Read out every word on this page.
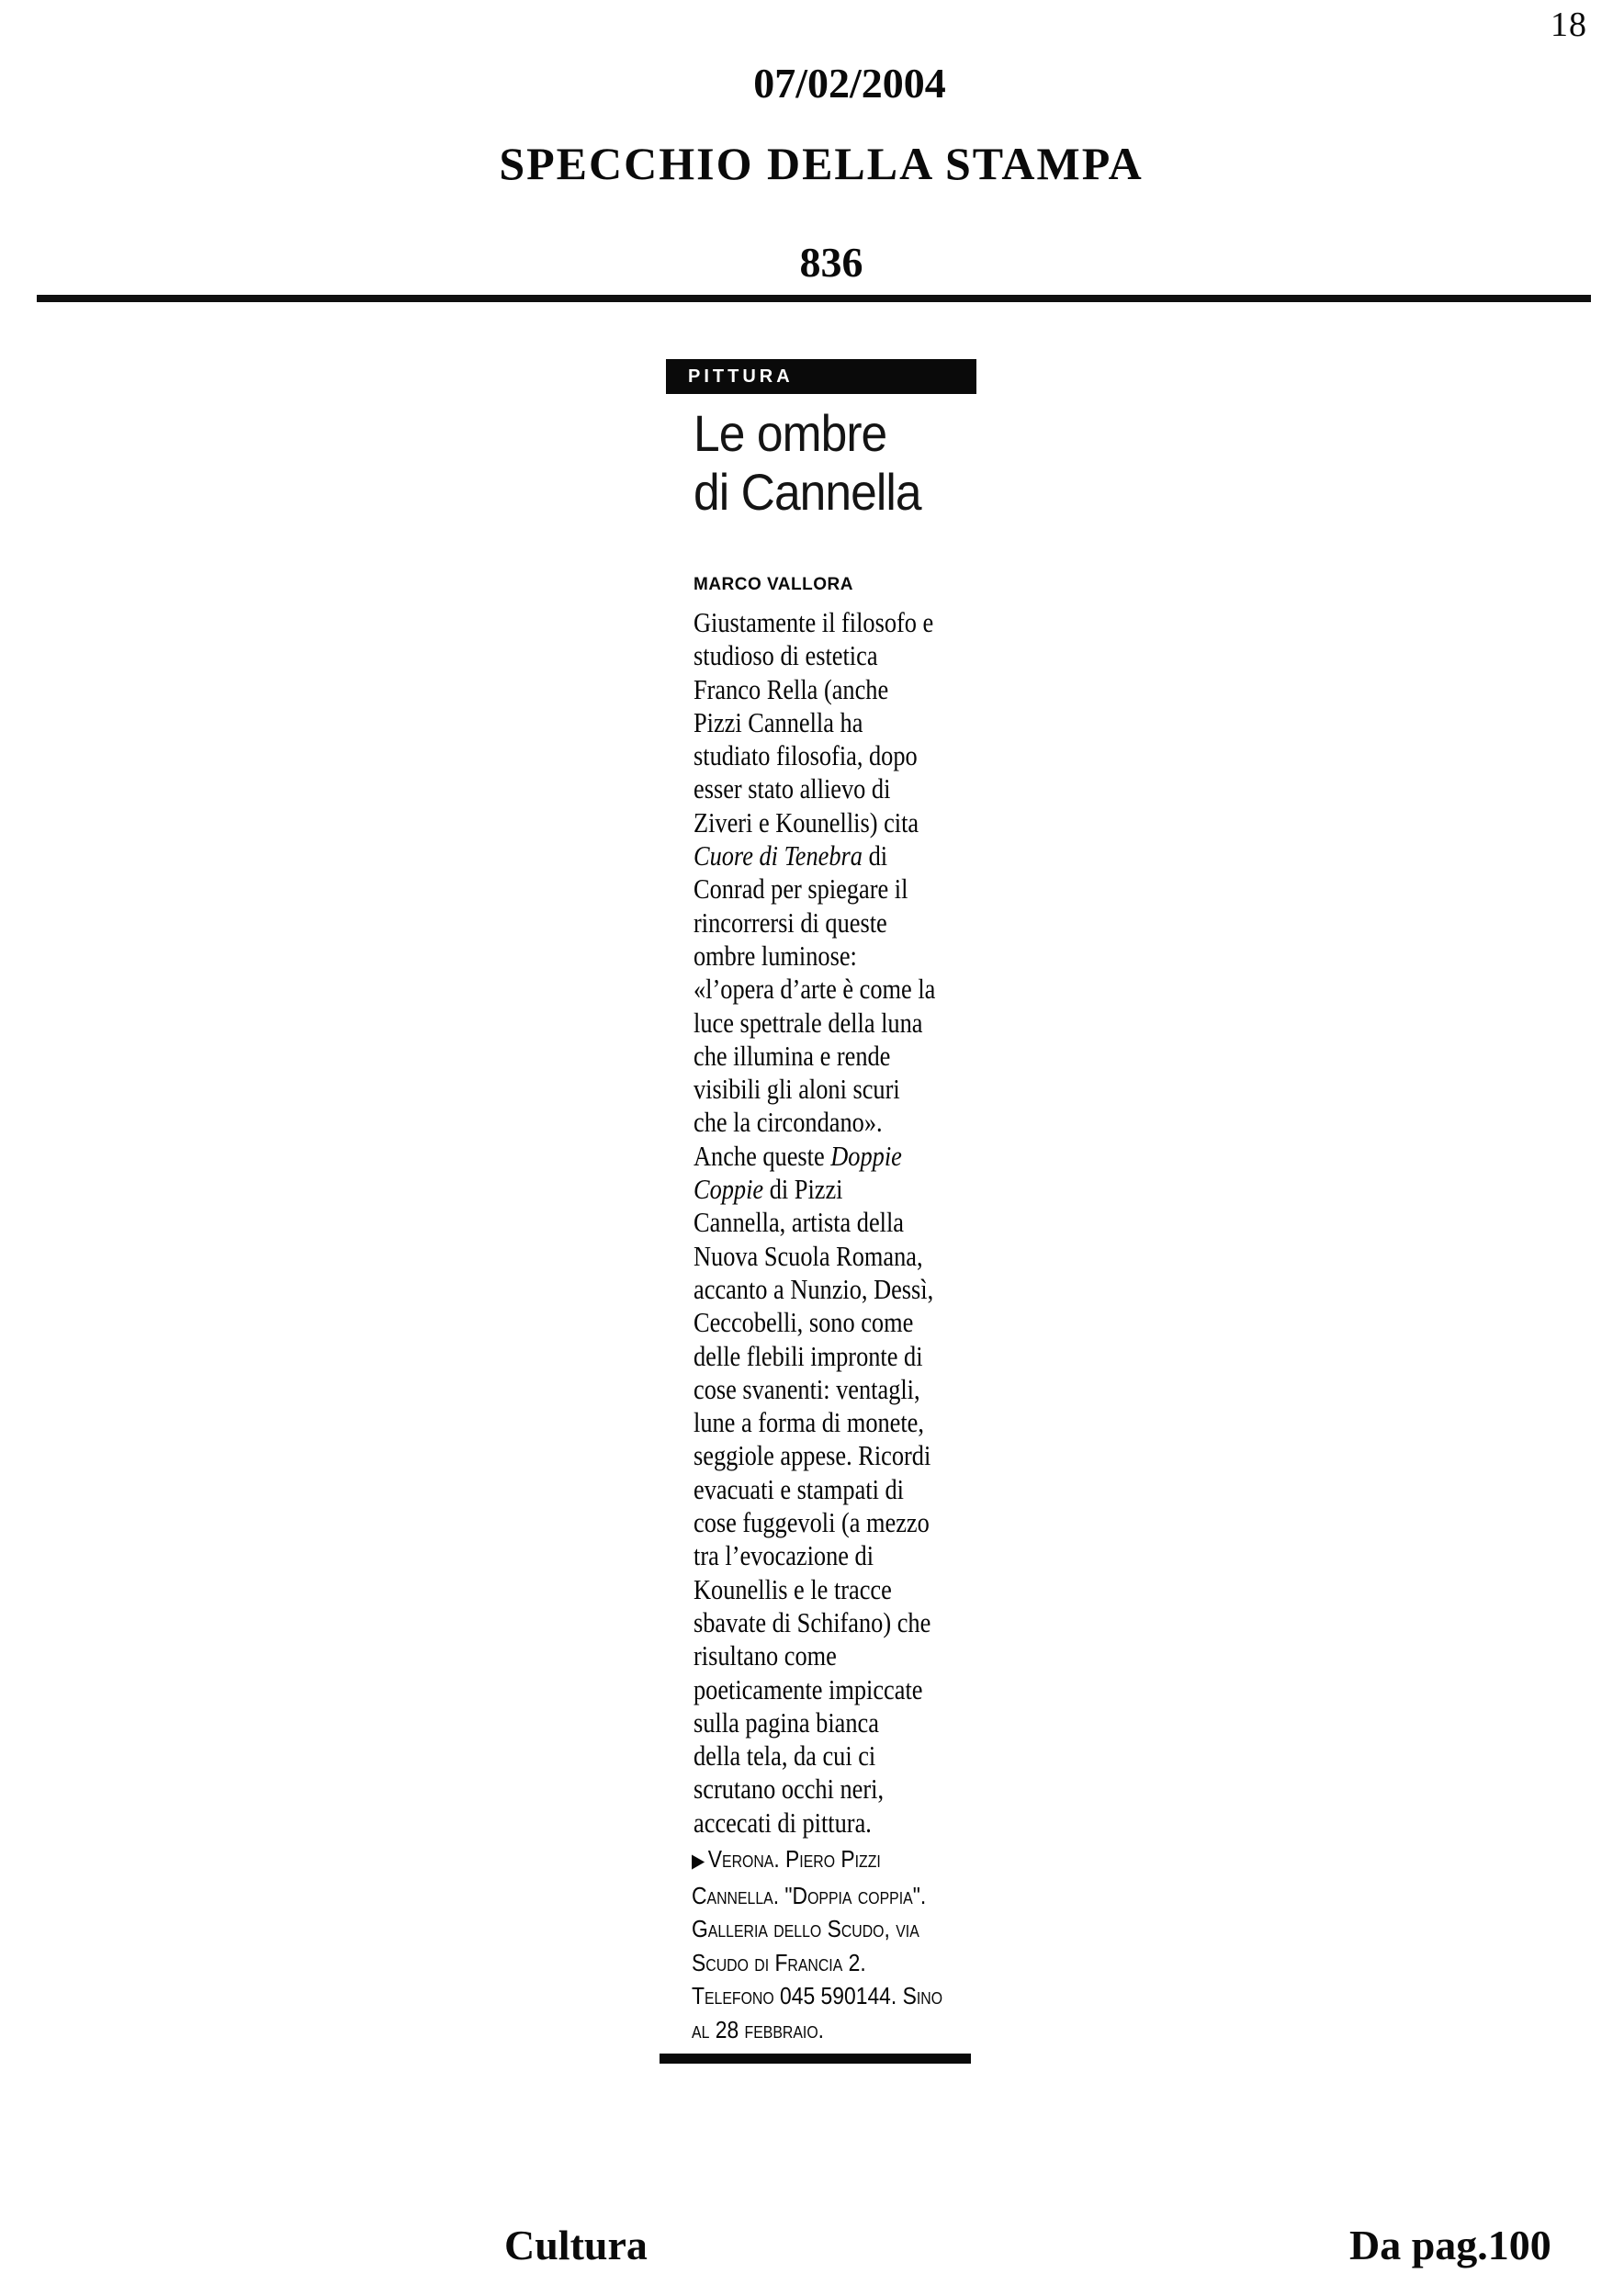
18
07/02/2004
SPECCHIO DELLA STAMPA
836
PITTURA
Le ombre
di Cannella
MARCO VALLORA
Giustamente il filosofo e
studioso di estetica
Franco Rella (anche
Pizzi Cannella ha
studiato filosofia, dopo
esser stato allievo di
Ziveri e Kounellis) cita
Cuore di Tenebra di
Conrad per spiegare il
rincorrersi di queste
ombre luminose:
«l’opera d’arte è come la
luce spettrale della luna
che illumina e rende
visibili gli aloni scuri
che la circondano».
Anche queste Doppie
Coppie di Pizzi
Cannella, artista della
Nuova Scuola Romana,
accanto a Nunzio, Dessì,
Ceccobelli, sono come
delle flebili impronte di
cose svanenti: ventagli,
lune a forma di monete,
seggiole appese. Ricordi
evacuati e stampati di
cose fuggevoli (a mezzo
tra l’evocazione di
Kounellis e le tracce
sbavate di Schifano) che
risultano come
poeticamente impiccate
sulla pagina bianca
della tela, da cui ci
scrutano occhi neri,
accecati di pittura.
▶ Verona. Piero Pizzi
Cannella. "Doppia coppia".
Galleria dello Scudo, via
Scudo di Francia 2.
Telefono 045 590144. Sino
al 28 febbraio.
Cultura	Da pag.100
